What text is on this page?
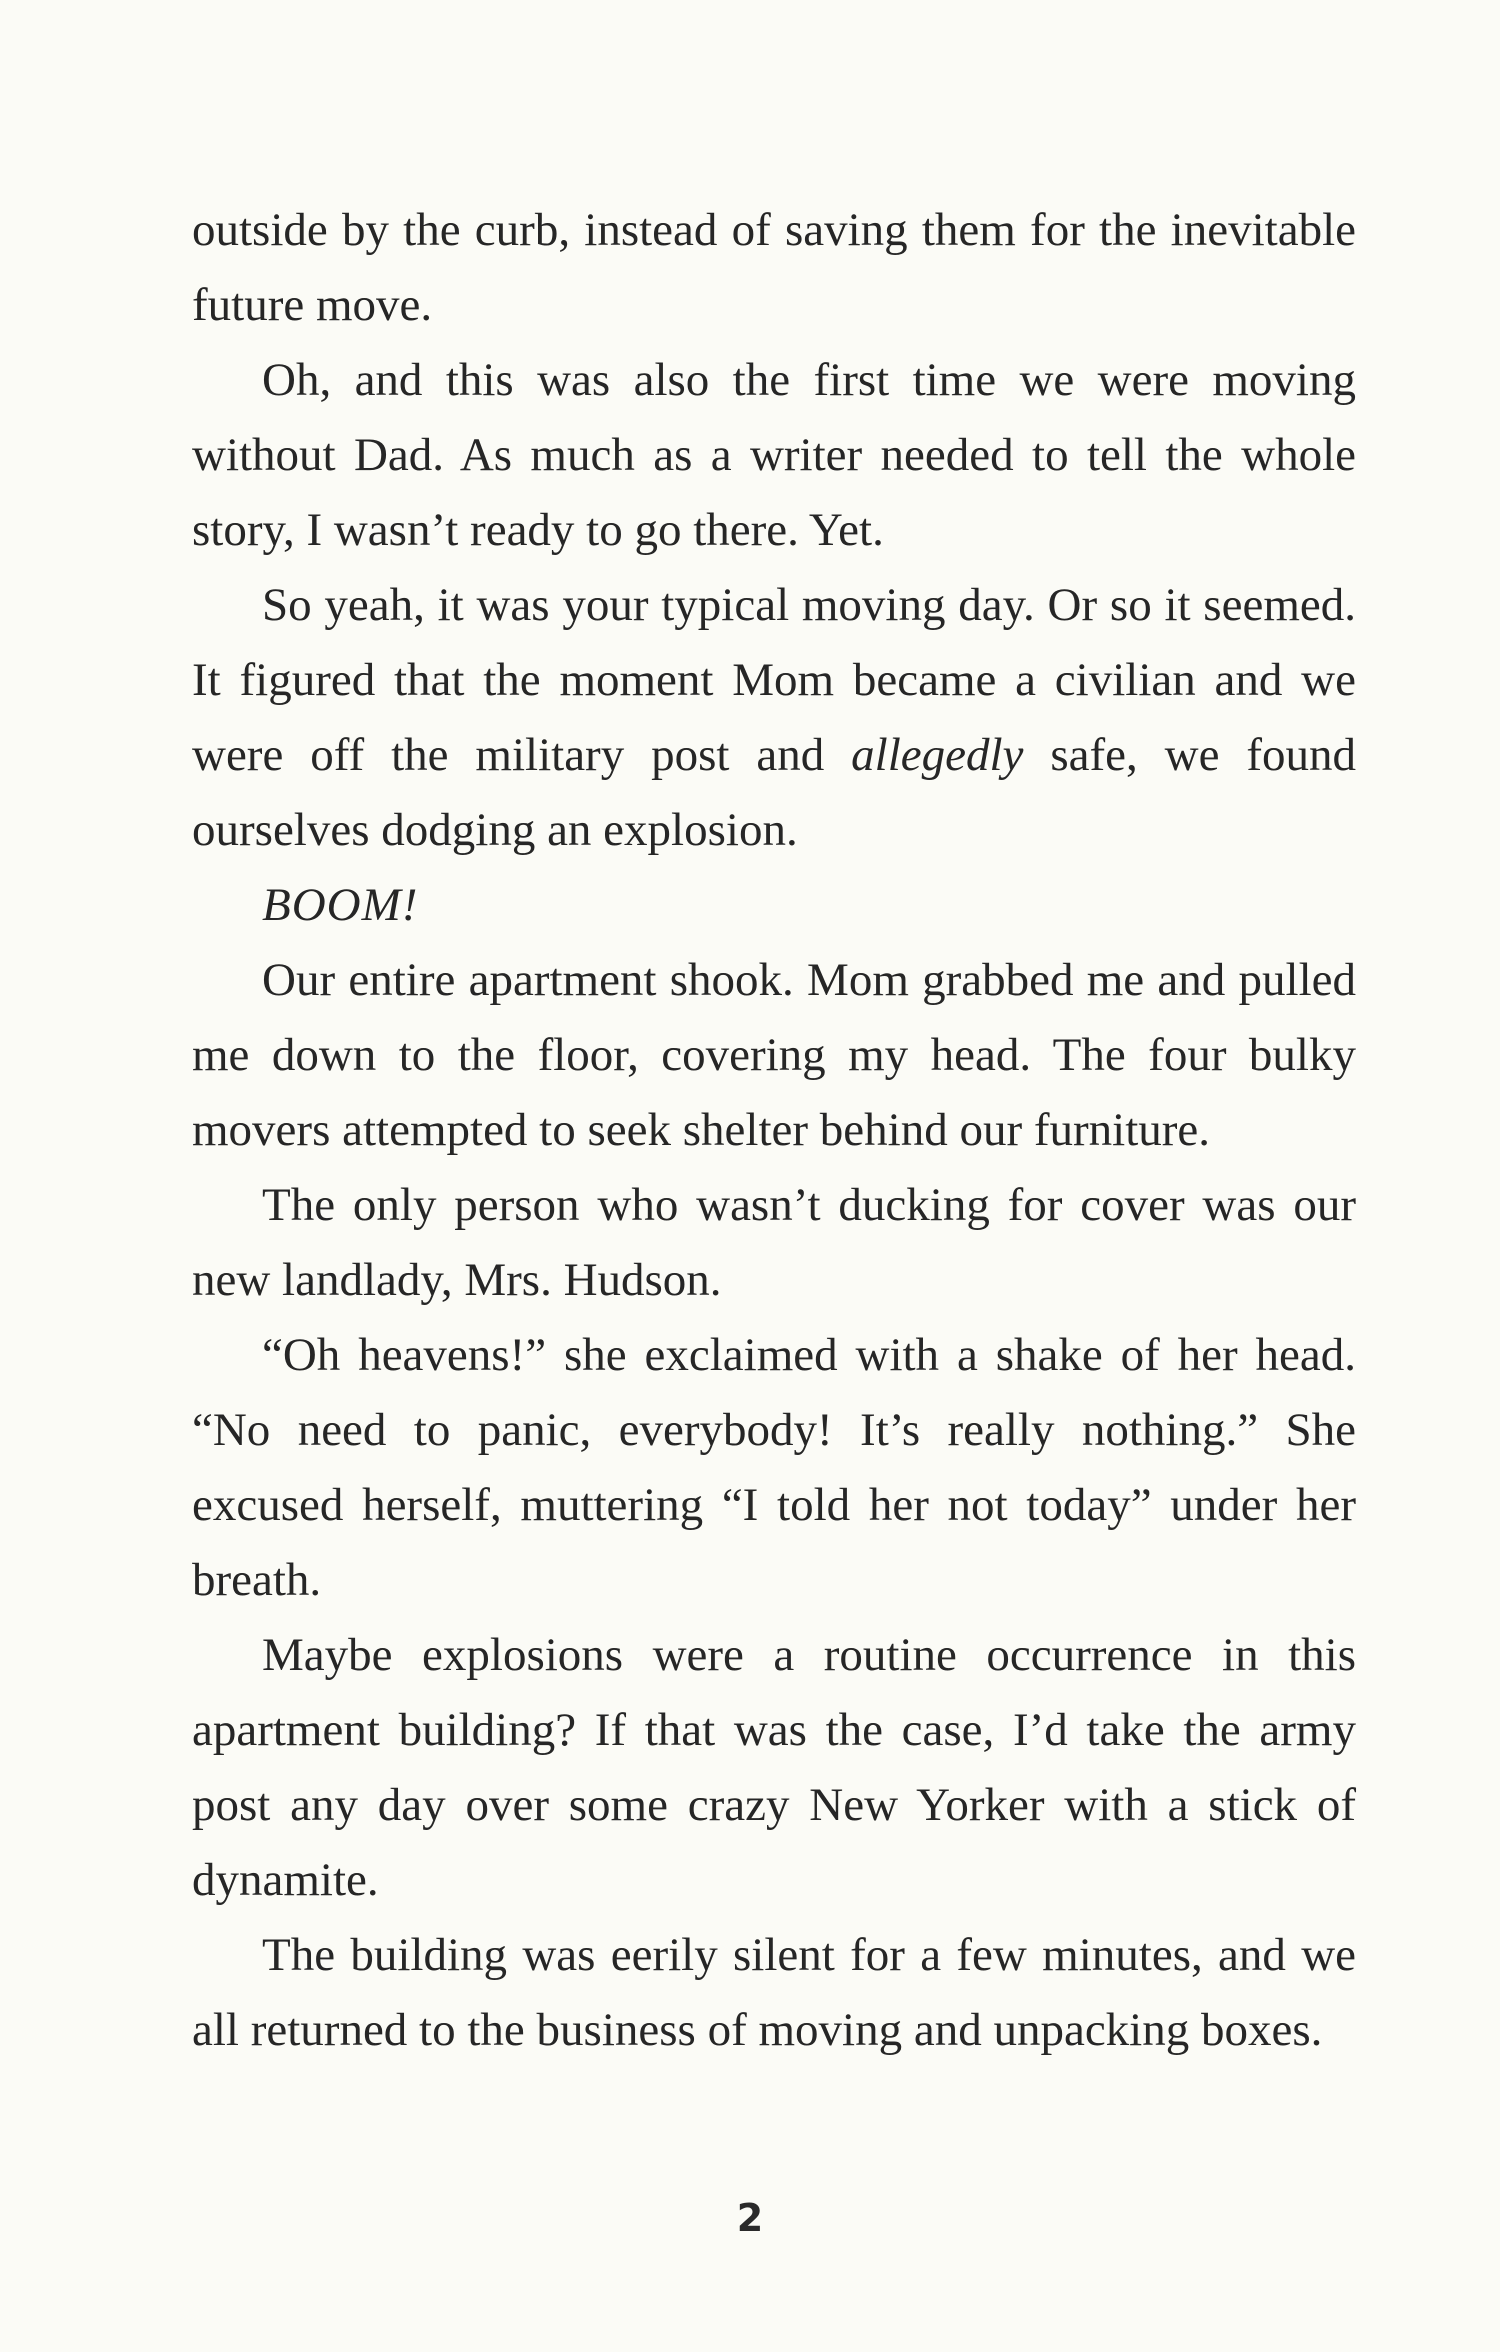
outside by the curb, instead of saving them for the inevitable future move.

Oh, and this was also the first time we were moving without Dad. As much as a writer needed to tell the whole story, I wasn’t ready to go there. Yet.

So yeah, it was your typical moving day. Or so it seemed. It figured that the moment Mom became a civilian and we were off the military post and allegedly safe, we found ourselves dodging an explosion.

BOOM!

Our entire apartment shook. Mom grabbed me and pulled me down to the floor, covering my head. The four bulky movers attempted to seek shelter behind our furniture.

The only person who wasn’t ducking for cover was our new landlady, Mrs. Hudson.

“Oh heavens!” she exclaimed with a shake of her head. “No need to panic, everybody! It’s really nothing.” She excused herself, muttering “I told her not today” under her breath.

Maybe explosions were a routine occurrence in this apartment building? If that was the case, I’d take the army post any day over some crazy New Yorker with a stick of dynamite.

The building was eerily silent for a few minutes, and we all returned to the business of moving and unpacking boxes.

2
